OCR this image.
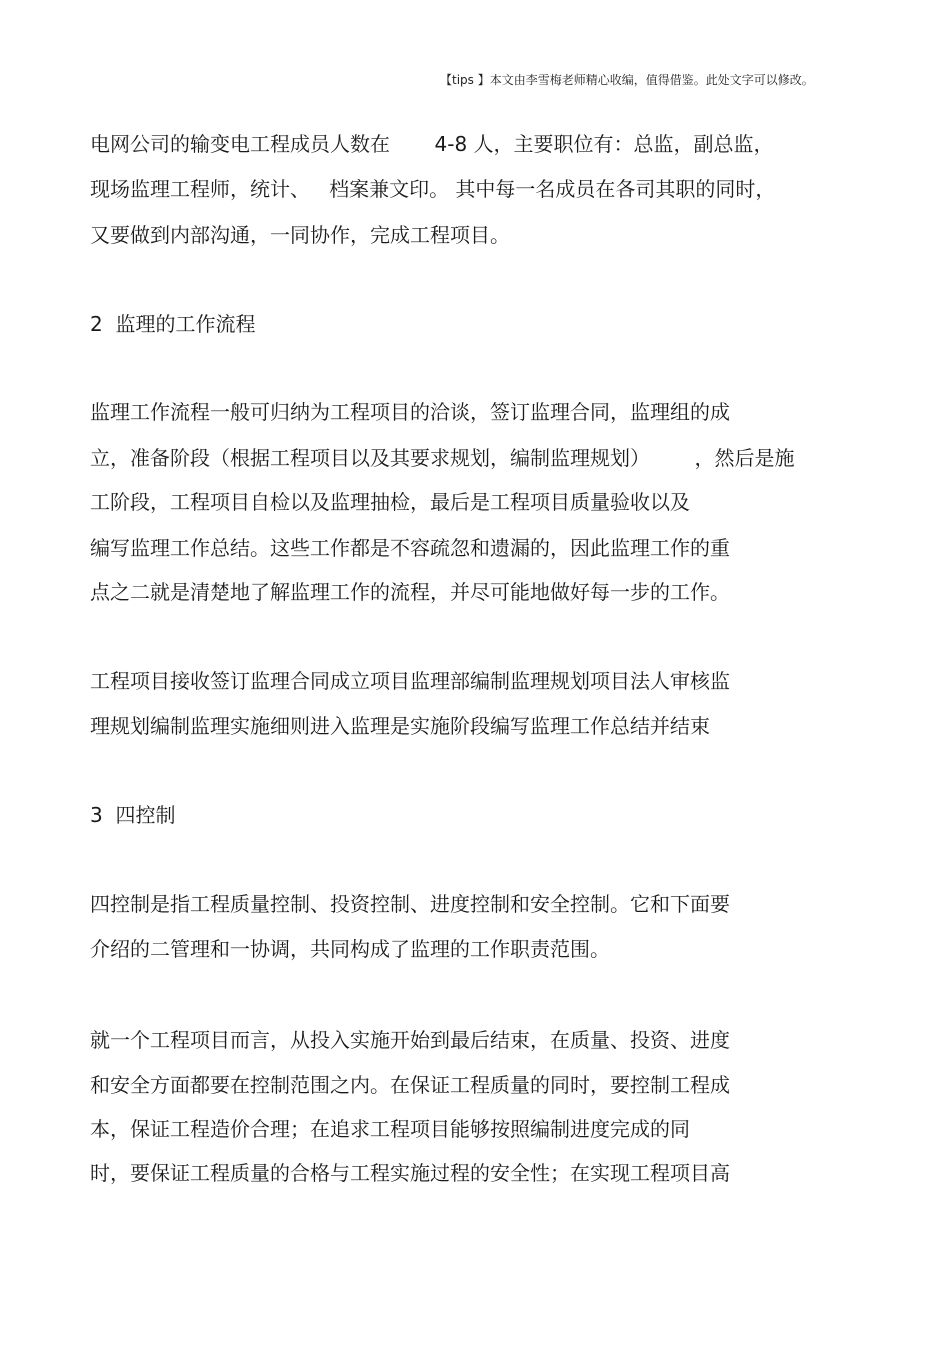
【tips 】本文由李雪梅老师精心收编，值得借鉴。此处文字可以修改。
电网公司的输变电工程成员人数在       4-8 人，主要职位有：总监，副总监，
现场监理工程师，统计、   档案兼文印。 其中每一名成员在各司其职的同时，
又要做到内部沟通，一同协作，完成工程项目。
2  监理的工作流程
监理工作流程一般可归纳为工程项目的洽谈，签订监理合同，监理组的成
立，准备阶段（根据工程项目以及其要求规划，编制监理规划）       ，然后是施
工阶段，工程项目自检以及监理抽检，最后是工程项目质量验收以及
编写监理工作总结。这些工作都是不容疏忽和遗漏的，因此监理工作的重
点之二就是清楚地了解监理工作的流程，并尽可能地做好每一步的工作。
工程项目接收签订监理合同成立项目监理部编制监理规划项目法人审核监
理规划编制监理实施细则进入监理是实施阶段编写监理工作总结并结束
3  四控制
四控制是指工程质量控制、投资控制、进度控制和安全控制。它和下面要
介绍的二管理和一协调，共同构成了监理的工作职责范围。
就一个工程项目而言，从投入实施开始到最后结束，在质量、投资、进度
和安全方面都要在控制范围之内。在保证工程质量的同时，要控制工程成
本，保证工程造价合理；在追求工程项目能够按照编制进度完成的同
时，要保证工程质量的合格与工程实施过程的安全性；在实现工程项目高
